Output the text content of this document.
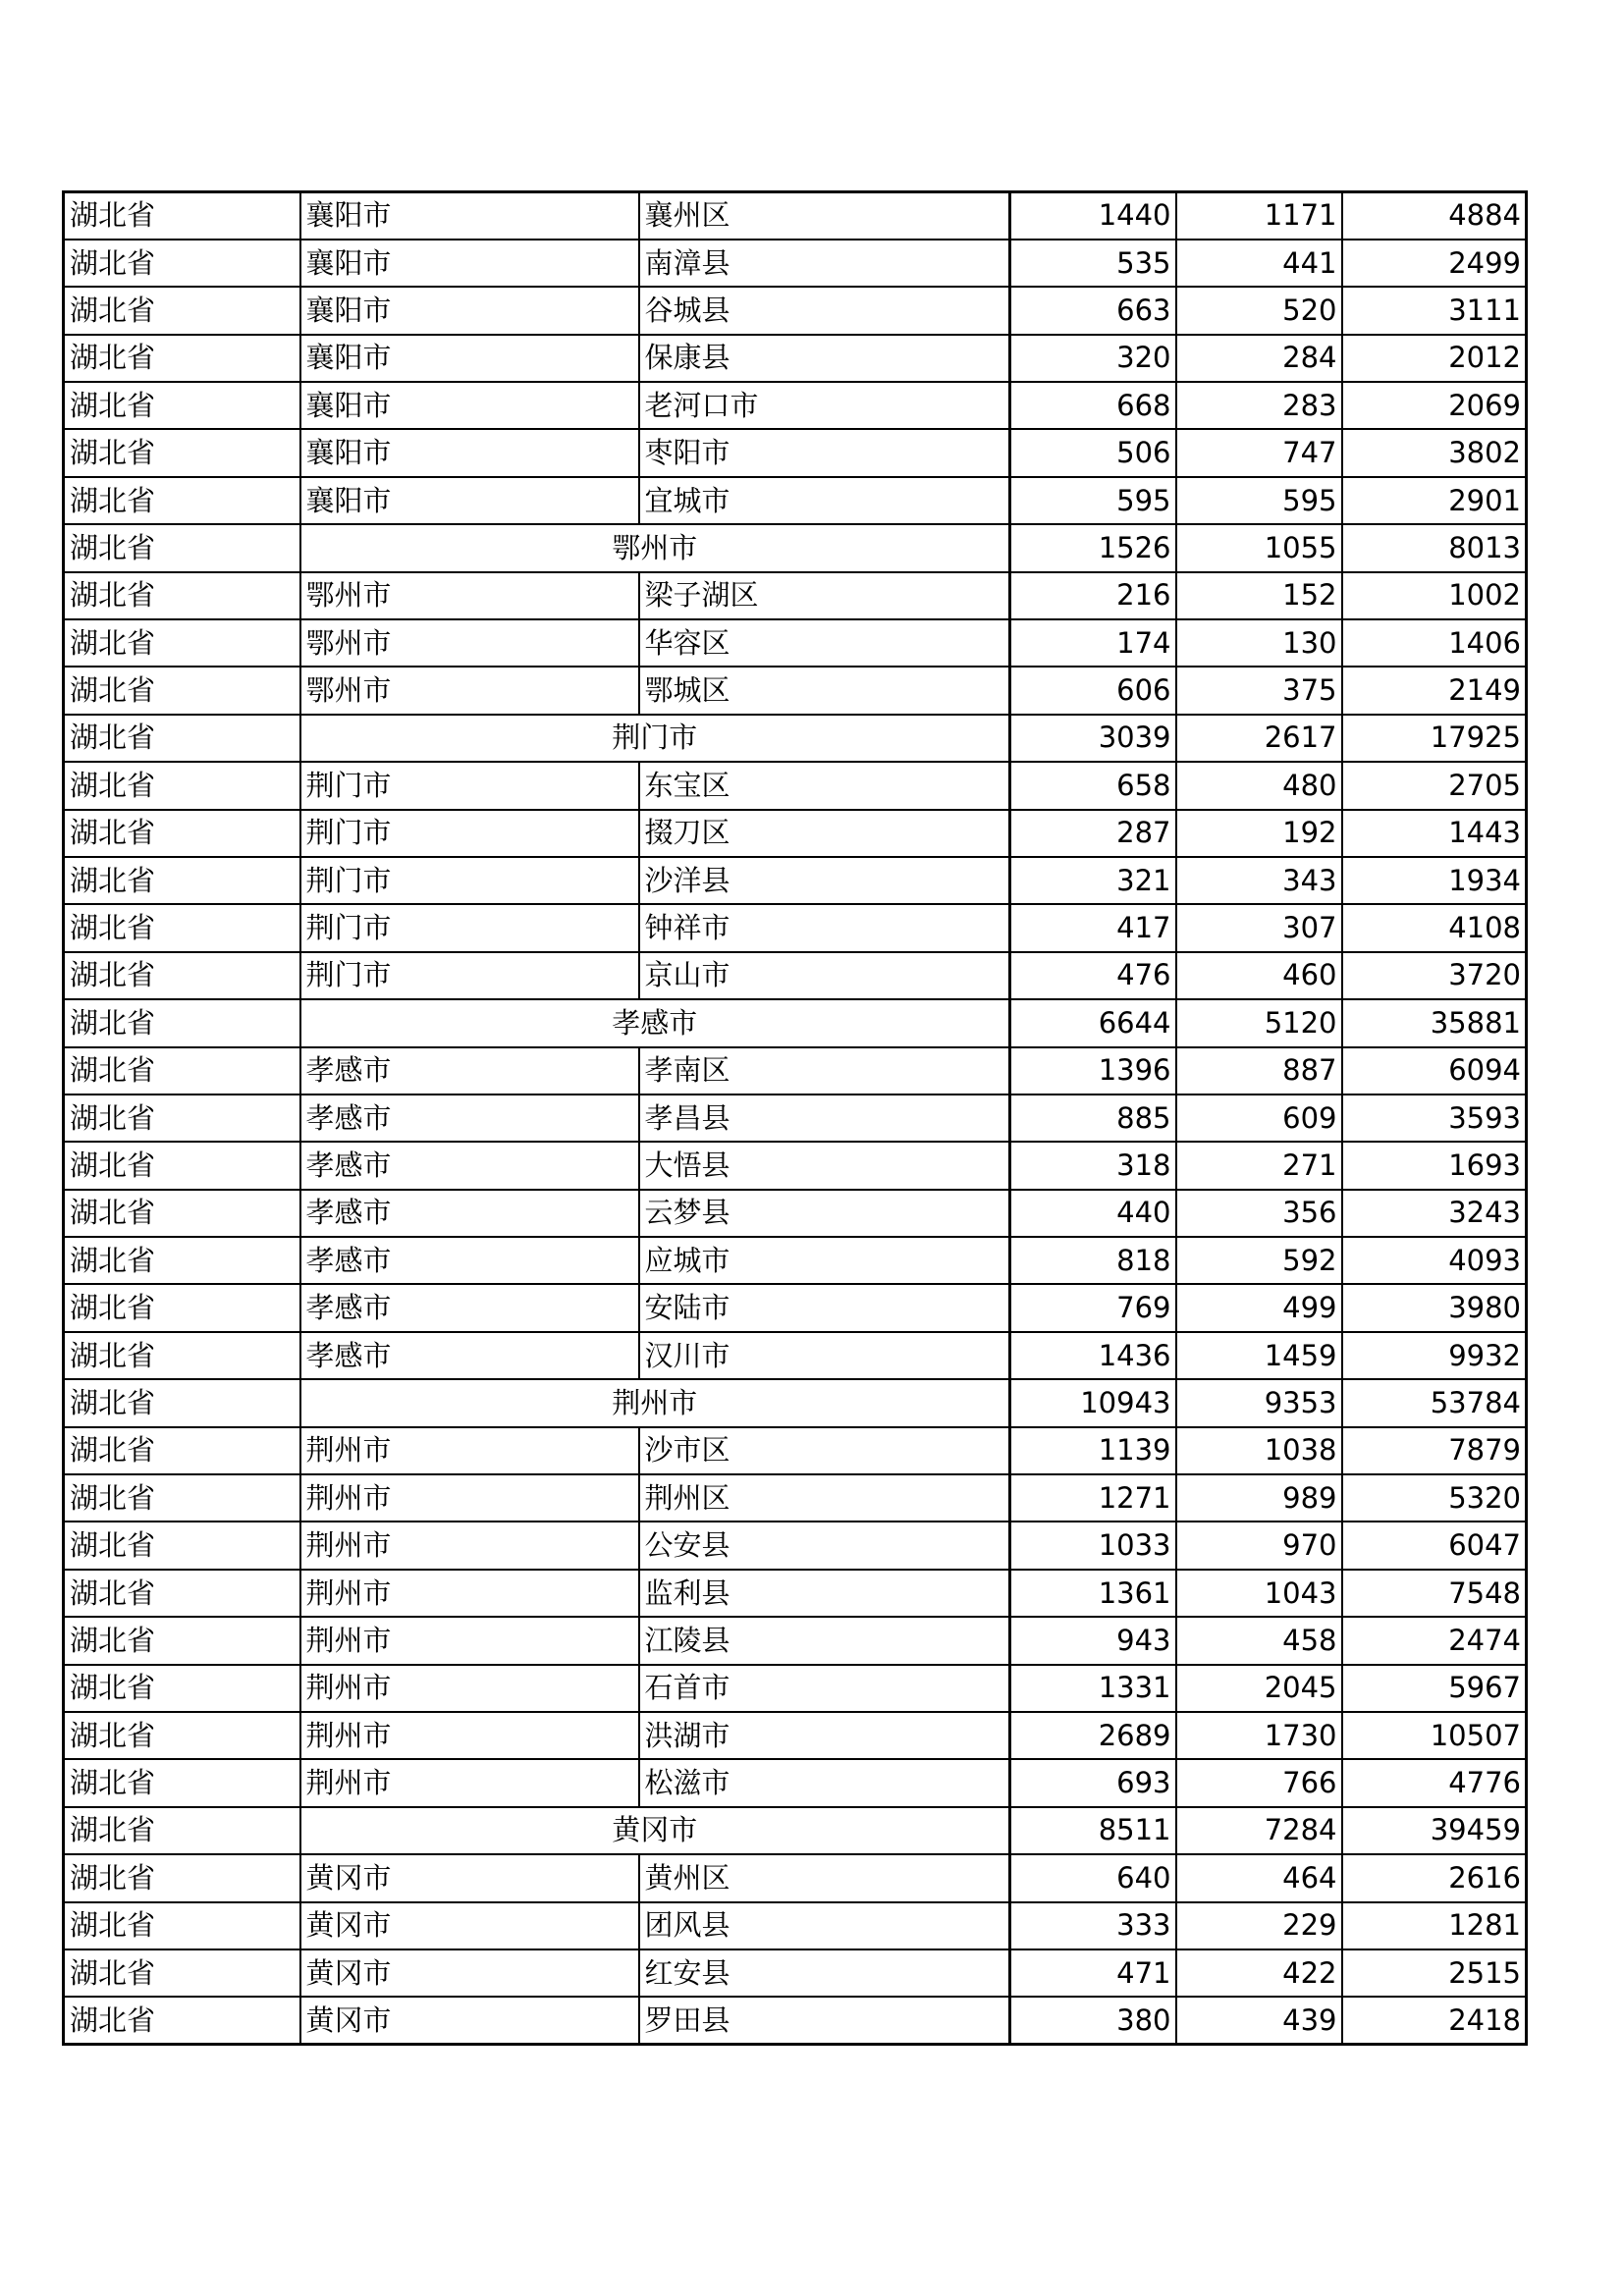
湖北省	襄阳市	襄州区	1440	1171	4884
湖北省	襄阳市	南漳县	535	441	2499
湖北省	襄阳市	谷城县	663	520	3111
湖北省	襄阳市	保康县	320	284	2012
湖北省	襄阳市	老河口市	668	283	2069
湖北省	襄阳市	枣阳市	506	747	3802
湖北省	襄阳市	宜城市	595	595	2901
湖北省	鄂州市		1526	1055	8013
湖北省	鄂州市	梁子湖区	216	152	1002
湖北省	鄂州市	华容区	174	130	1406
湖北省	鄂州市	鄂城区	606	375	2149
湖北省	荆门市		3039	2617	17925
湖北省	荆门市	东宝区	658	480	2705
湖北省	荆门市	掇刀区	287	192	1443
湖北省	荆门市	沙洋县	321	343	1934
湖北省	荆门市	钟祥市	417	307	4108
湖北省	荆门市	京山市	476	460	3720
湖北省	孝感市		6644	5120	35881
湖北省	孝感市	孝南区	1396	887	6094
湖北省	孝感市	孝昌县	885	609	3593
湖北省	孝感市	大悟县	318	271	1693
湖北省	孝感市	云梦县	440	356	3243
湖北省	孝感市	应城市	818	592	4093
湖北省	孝感市	安陆市	769	499	3980
湖北省	孝感市	汉川市	1436	1459	9932
湖北省	荆州市		10943	9353	53784
湖北省	荆州市	沙市区	1139	1038	7879
湖北省	荆州市	荆州区	1271	989	5320
湖北省	荆州市	公安县	1033	970	6047
湖北省	荆州市	监利县	1361	1043	7548
湖北省	荆州市	江陵县	943	458	2474
湖北省	荆州市	石首市	1331	2045	5967
湖北省	荆州市	洪湖市	2689	1730	10507
湖北省	荆州市	松滋市	693	766	4776
湖北省	黄冈市		8511	7284	39459
湖北省	黄冈市	黄州区	640	464	2616
湖北省	黄冈市	团风县	333	229	1281
湖北省	黄冈市	红安县	471	422	2515
湖北省	黄冈市	罗田县	380	439	2418
